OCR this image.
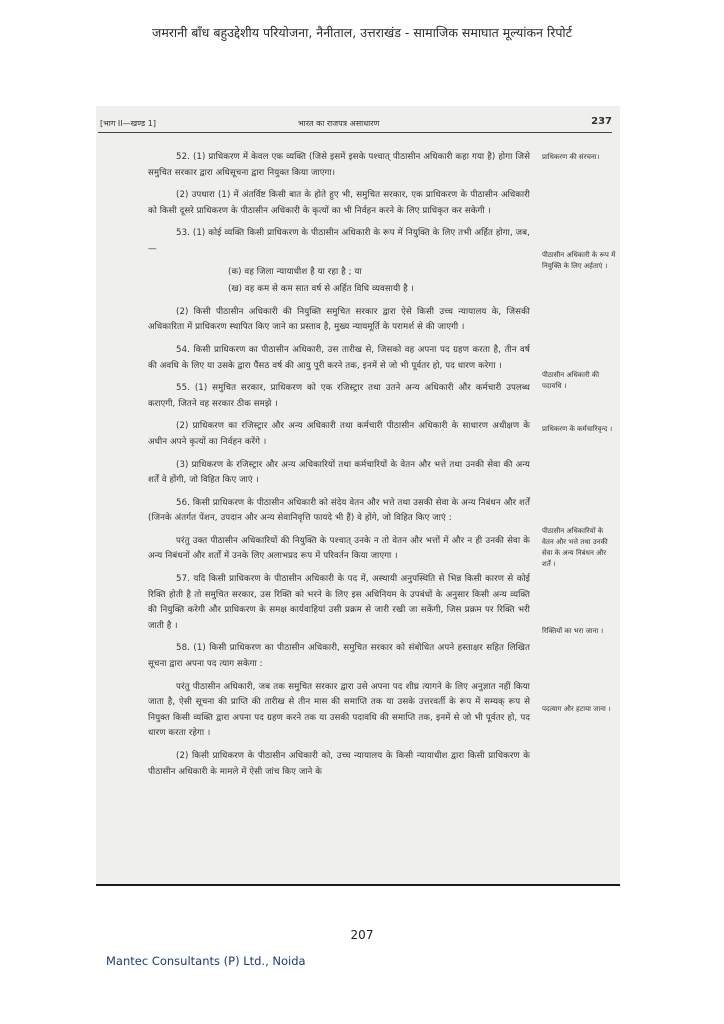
जमरानी बाँध बहुउद्देशीय परियोजना, नैनीताल, उत्तराखंड - सामाजिक समाघात मूल्यांकन रिपोर्ट
[भाग II—खण्ड 1]	भारत का राजपत्र असाधारण	237

52. (1) प्राधिकरण में केवल एक व्यक्ति (जिसे इसमें इसके पश्चात् पीठासीन अधिकारी कहा गया है) होगा जिसे समुचित सरकार द्वारा अधिसूचना द्वारा नियुक्त किया जाएगा।

(2) उपधारा (1) में अंतर्विष्ट किसी बात के होते हुए भी, समुचित सरकार, एक प्राधिकरण के पीठासीन अधिकारी को किसी दूसरे प्राधिकरण के पीठासीन अधिकारी के कृत्यों का भी निर्वहन करने के लिए प्राधिकृत कर सकेगी ।

53. (1) कोई व्यक्ति किसी प्राधिकरण के पीठासीन अधिकारी के रूप में नियुक्ति के लिए तभी अर्हित होगा, जब,—

(क) वह जिला न्यायाधीश है या रहा है ; या

(ख) वह कम से कम सात वर्ष से अर्हित विधि व्यवसायी है ।

(2) किसी पीठासीन अधिकारी की नियुक्ति समुचित सरकार द्वारा ऐसे किसी उच्च न्यायालय के, जिसकी अधिकारिता में प्राधिकरण स्थापित किए जाने का प्रस्ताव है, मुख्य न्यायमूर्ति के परामर्श से की जाएगी ।

54. किसी प्राधिकरण का पीठासीन अधिकारी, उस तारीख से, जिसको वह अपना पद ग्रहण करता है, तीन वर्ष की अवधि के लिए या उसके द्वारा पैंसठ वर्ष की आयु पूरी करने तक, इनमें से जो भी पूर्वतर हो, पद धारण करेगा ।

55. (1) समुचित सरकार, प्राधिकरण को एक रजिस्ट्रार तथा उतने अन्य अधिकारी और कर्मचारी उपलब्ध कराएगी, जितने वह सरकार ठीक समझे ।

(2) प्राधिकरण का रजिस्ट्रार और अन्य अधिकारी तथा कर्मचारी पीठासीन अधिकारी के साधारण अधीक्षण के अधीन अपने कृत्यों का निर्वहन करेंगे ।

(3) प्राधिकरण के रजिस्ट्रार और अन्य अधिकारियों तथा कर्मचारियों के वेतन और भत्ते तथा उनकी सेवा की अन्य शर्तें वे होंगी, जो विहित किए जाएं ।

56. किसी प्राधिकरण के पीठासीन अधिकारी को संदेय वेतन और भत्ते तथा उसकी सेवा के अन्य निबंधन और शर्तें (जिनके अंतर्गत पेंशन, उपदान और अन्य सेवानिवृत्ति फायदे भी हैं) वे होंगे, जो विहित किए जाएं :

परंतु उक्त पीठासीन अधिकारियों की नियुक्ति के पश्चात् उनके न तो वेतन और भत्तों में और न ही उनकी सेवा के अन्य निबंधनों और शर्तों में उनके लिए अलाभप्रद रूप में परिवर्तन किया जाएगा ।

57. यदि किसी प्राधिकरण के पीठासीन अधिकारी के पद में, अस्थायी अनुपस्थिति से भिन्न किसी कारण से कोई रिक्ति होती है तो समुचित सरकार, उस रिक्ति को भरने के लिए इस अधिनियम के उपबंधों के अनुसार किसी अन्य व्यक्ति की नियुक्ति करेगी और प्राधिकरण के समक्ष कार्यवाहियां उसी प्रक्रम से जारी रखी जा सकेंगी, जिस प्रक्रम पर रिक्ति भरी जाती है ।

58. (1) किसी प्राधिकरण का पीठासीन अधिकारी, समुचित सरकार को संबोधित अपने हस्ताक्षर सहित लिखित सूचना द्वारा अपना पद त्याग सकेगा :

परंतु पीठासीन अधिकारी, जब तक समुचित सरकार द्वारा उसे अपना पद शीघ्र त्यागने के लिए अनुज्ञात नहीं किया जाता है, ऐसी सूचना की प्राप्ति की तारीख से तीन मास की समाप्ति तक या उसके उत्तरवर्ती के रूप में सम्यक् रूप से नियुक्त किसी व्यक्ति द्वारा अपना पद ग्रहण करने तक या उसकी पदावधि की समाप्ति तक, इनमें से जो भी पूर्वतर हो, पद धारण करता रहेगा ।

(2) किसी प्राधिकरण के पीठासीन अधिकारी को, उच्च न्यायालय के किसी न्यायाधीश द्वारा किसी प्राधिकरण के पीठासीन अधिकारी के मामले में ऐसी जांच किए जाने के

प्राधिकरण की संरचना।
पीठासीन अधिकारी के रूप में नियुक्ति के लिए अर्हताएं ।
पीठासीन अधिकारी की पदावधि ।
प्राधिकरण के कर्मचारिवृन्द ।
पीठासीन अधिकारियों के वेतन और भत्ते तथा उनकी सेवा के अन्य निबंधन और शर्तें ।
रिक्तियों का भरा जाना ।
पदत्याग और हटाया जाना ।
207
Mantec Consultants (P) Ltd., Noida
